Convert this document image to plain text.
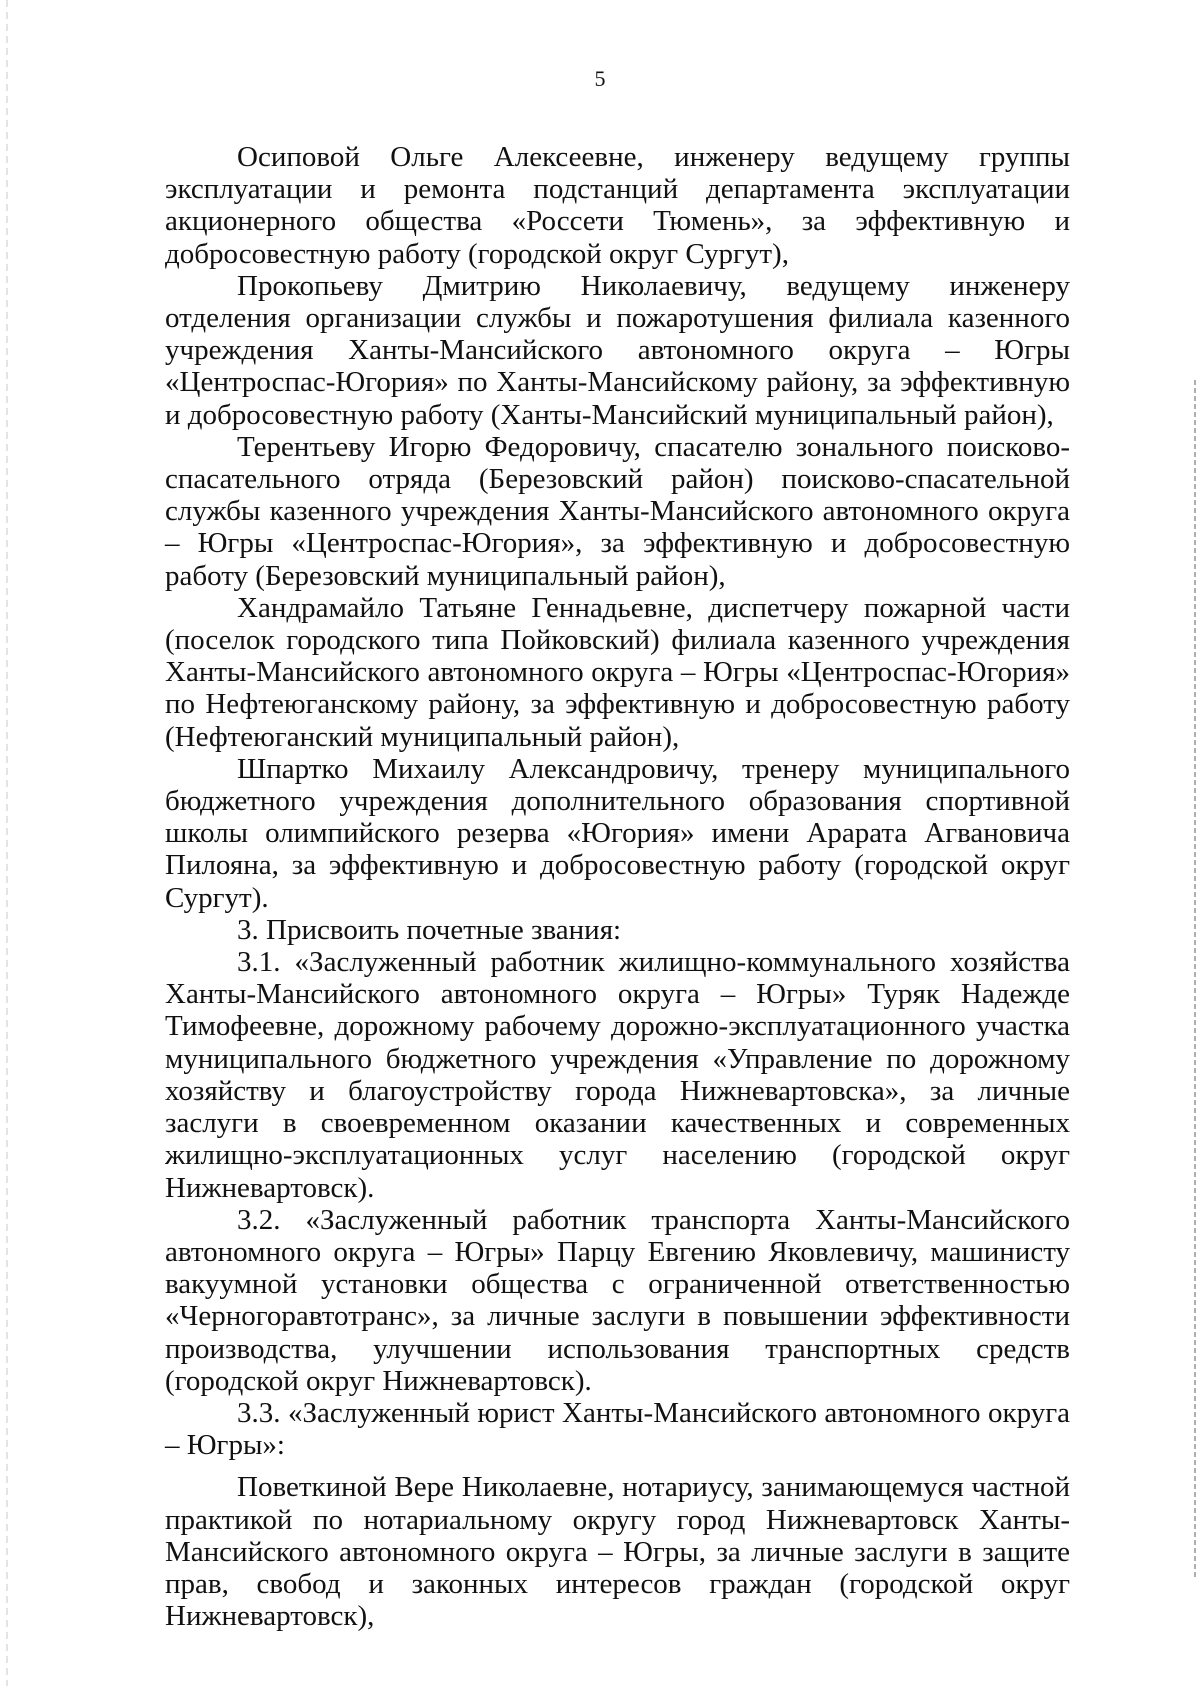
5

Осиповой Ольге Алексеевне, инженеру ведущему группы эксплуатации и ремонта подстанций департамента эксплуатации акционерного общества «Россети Тюмень», за эффективную и добросовестную работу (городской округ Сургут),

Прокопьеву Дмитрию Николаевичу, ведущему инженеру отделения организации службы и пожаротушения филиала казенного учреждения Ханты-Мансийского автономного округа – Югры «Центроспас-Югория» по Ханты-Мансийскому району, за эффективную и добросовестную работу (Ханты-Мансийский муниципальный район),

Терентьеву Игорю Федоровичу, спасателю зонального поисково-спасательного отряда (Березовский район) поисково-спасательной службы казенного учреждения Ханты-Мансийского автономного округа – Югры «Центроспас-Югория», за эффективную и добросовестную работу (Березовский муниципальный район),

Хандрамайло Татьяне Геннадьевне, диспетчеру пожарной части (поселок городского типа Пойковский) филиала казенного учреждения Ханты-Мансийского автономного округа – Югры «Центроспас-Югория» по Нефтеюганскому району, за эффективную и добросовестную работу (Нефтеюганский муниципальный район),

Шпартко Михаилу Александровичу, тренеру муниципального бюджетного учреждения дополнительного образования спортивной школы олимпийского резерва «Югория» имени Арарата Агвановича Пилояна, за эффективную и добросовестную работу (городской округ Сургут).

3. Присвоить почетные звания:

3.1. «Заслуженный работник жилищно-коммунального хозяйства Ханты-Мансийского автономного округа – Югры» Туряк Надежде Тимофеевне, дорожному рабочему дорожно-эксплуатационного участка муниципального бюджетного учреждения «Управление по дорожному хозяйству и благоустройству города Нижневартовска», за личные заслуги в своевременном оказании качественных и современных жилищно-эксплуатационных услуг населению (городской округ Нижневартовск).

3.2. «Заслуженный работник транспорта Ханты-Мансийского автономного округа – Югры» Парцу Евгению Яковлевичу, машинисту вакуумной установки общества с ограниченной ответственностью «Черногоравтотранс», за личные заслуги в повышении эффективности производства, улучшении использования транспортных средств (городской округ Нижневартовск).

3.3. «Заслуженный юрист Ханты-Мансийского автономного округа – Югры»:

Поветкиной Вере Николаевне, нотариусу, занимающемуся частной практикой по нотариальному округу город Нижневартовск Ханты-Мансийского автономного округа – Югры, за личные заслуги в защите прав, свобод и законных интересов граждан (городской округ Нижневартовск),
